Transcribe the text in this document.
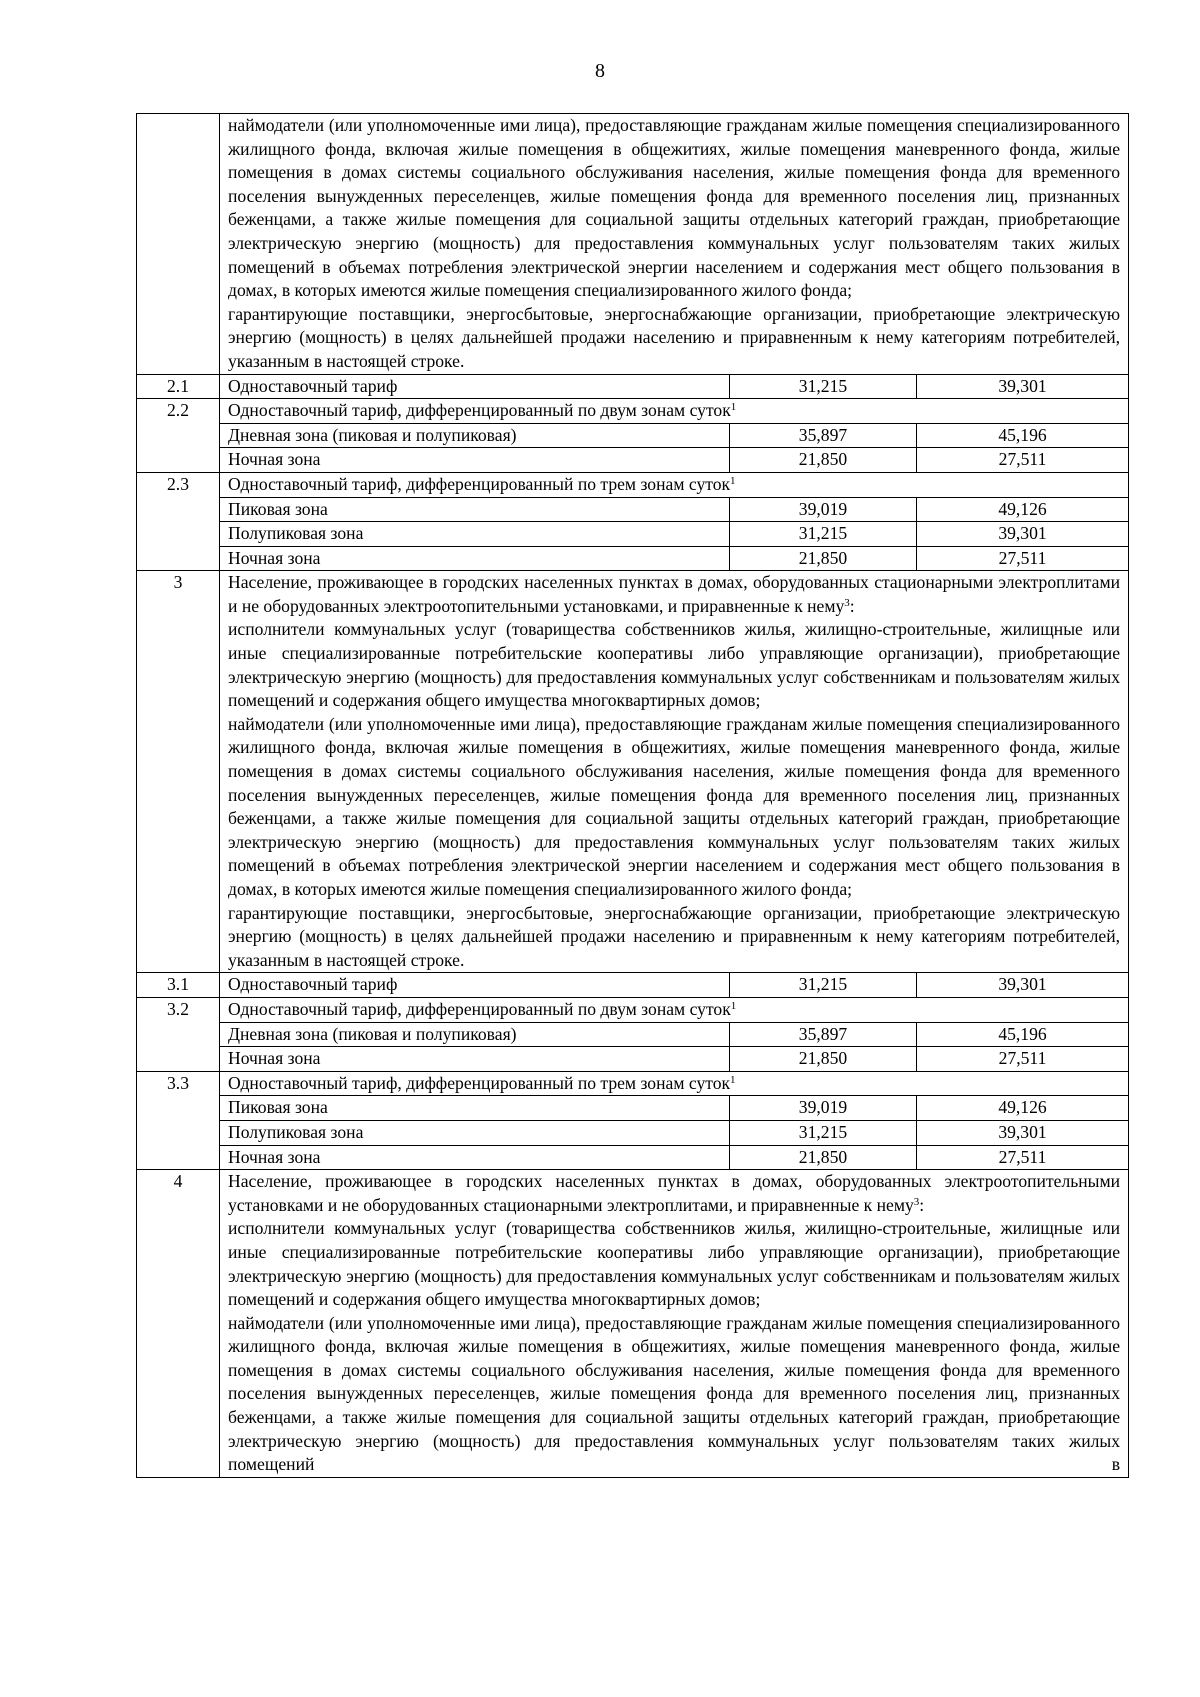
8

	наймодатели (или уполномоченные ими лица), предоставляющие гражданам жилые помещения специализированного жилищного фонда, включая жилые помещения в общежитиях, жилые помещения маневренного фонда, жилые помещения в домах системы социального обслуживания населения, жилые помещения фонда для временного поселения вынужденных переселенцев, жилые помещения фонда для временного поселения лиц, признанных беженцами, а также жилые помещения для социальной защиты отдельных категорий граждан, приобретающие электрическую энергию (мощность) для предоставления коммунальных услуг пользователям таких жилых помещений в объемах потребления электрической энергии населением и содержания мест общего пользования в домах, в которых имеются жилые помещения специализированного жилого фонда;
гарантирующие поставщики, энергосбытовые, энергоснабжающие организации, приобретающие электрическую энергию (мощность) в целях дальнейшей продажи населению и приравненным к нему категориям потребителей, указанным в настоящей строке.		

2.1	Одноставочный тариф	31,215	39,301
2.2	Одноставочный тариф, дифференцированный по двум зонам суток$^1$
	Дневная зона (пиковая и полупиковая)	35,897	45,196
	Ночная зона	21,850	27,511
2.3	Одноставочный тариф, дифференцированный по трем зонам суток$^1$
	Пиковая зона	39,019	49,126
	Полупиковая зона	31,215	39,301
	Ночная зона	21,850	27,511
3	Население, проживающее в городских населенных пунктах в домах, оборудованных стационарными электроплитами и не оборудованных электроотопительными установками, и приравненные к нему$^3$:
исполнители коммунальных услуг (товарищества собственников жилья, жилищно-строительные, жилищные или иные специализированные потребительские кооперативы либо управляющие организации), приобретающие электрическую энергию (мощность) для предоставления коммунальных услуг собственникам и пользователям жилых помещений и содержания общего имущества многоквартирных домов;
наймодатели (или уполномоченные ими лица), предоставляющие гражданам жилые помещения специализированного жилищного фонда, включая жилые помещения в общежитиях, жилые помещения маневренного фонда, жилые помещения в домах системы социального обслуживания населения, жилые помещения фонда для временного поселения вынужденных переселенцев, жилые помещения фонда для временного поселения лиц, признанных беженцами, а также жилые помещения для социальной защиты отдельных категорий граждан, приобретающие электрическую энергию (мощность) для предоставления коммунальных услуг пользователям таких жилых помещений в объемах потребления электрической энергии населением и содержания мест общего пользования в домах, в которых имеются жилые помещения специализированного жилого фонда;
гарантирующие поставщики, энергосбытовые, энергоснабжающие организации, приобретающие электрическую энергию (мощность) в целях дальнейшей продажи населению и приравненным к нему категориям потребителей, указанным в настоящей строке.		

3.1	Одноставочный тариф	31,215	39,301
3.2	Одноставочный тариф, дифференцированный по двум зонам суток$^1$
	Дневная зона (пиковая и полупиковая)	35,897	45,196
	Ночная зона	21,850	27,511
3.3	Одноставочный тариф, дифференцированный по трем зонам суток$^1$
	Пиковая зона	39,019	49,126
	Полупиковая зона	31,215	39,301
	Ночная зона	21,850	27,511
4	Население, проживающее в городских населенных пунктах в домах, оборудованных электроотопительными установками и не оборудованных стационарными электроплитами, и приравненные к нему$^3$:
исполнители коммунальных услуг (товарищества собственников жилья, жилищно-строительные, жилищные или иные специализированные потребительские кооперативы либо управляющие организации), приобретающие электрическую энергию (мощность) для предоставления коммунальных услуг собственникам и пользователям жилых помещений и содержания общего имущества многоквартирных домов;
наймодатели (или уполномоченные ими лица), предоставляющие гражданам жилые помещения специализированного жилищного фонда, включая жилые помещения в общежитиях, жилые помещения маневренного фонда, жилые помещения в домах системы социального обслуживания населения, жилые помещения фонда для временного поселения вынужденных переселенцев, жилые помещения фонда для временного поселения лиц, признанных беженцами, а также жилые помещения для социальной защиты отдельных категорий граждан, приобретающие электрическую энергию (мощность) для предоставления коммунальных услуг пользователям таких жилых помещений в		
